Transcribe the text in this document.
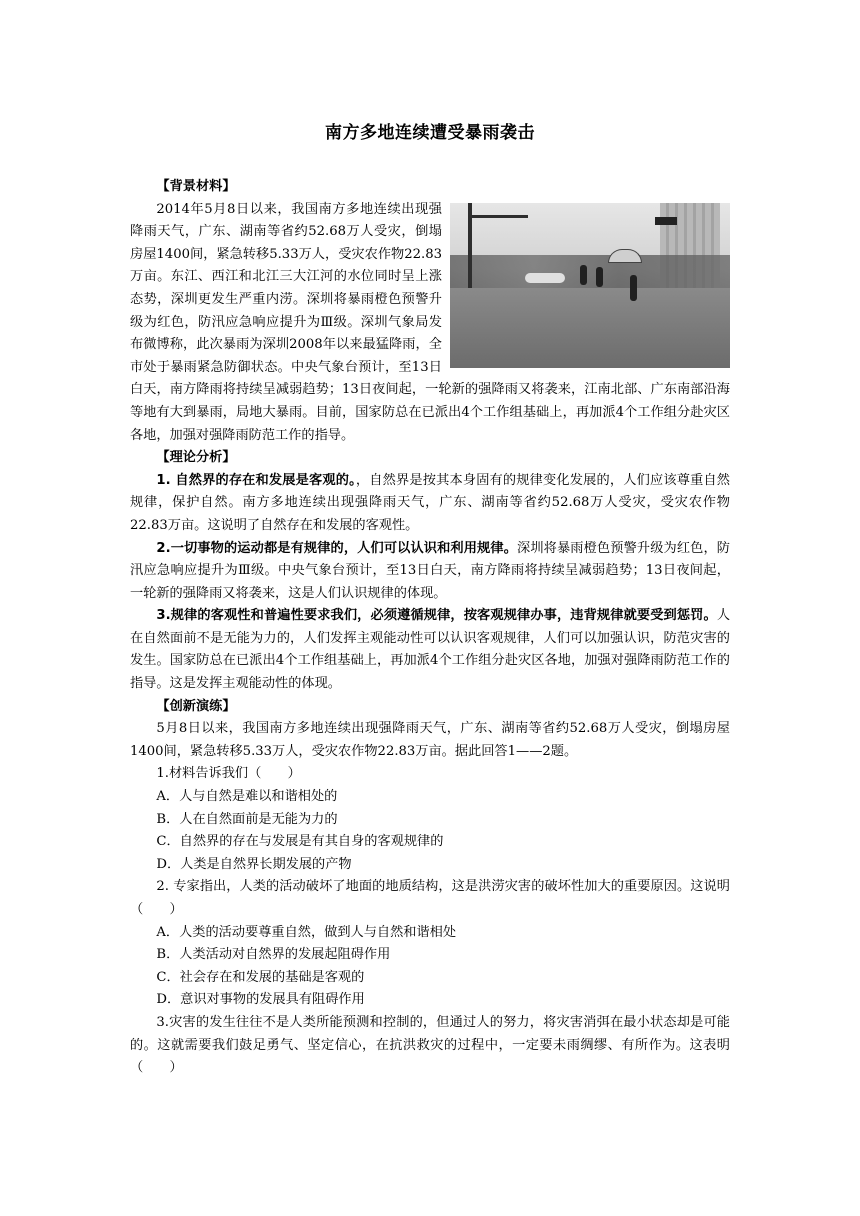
南方多地连续遭受暴雨袭击

【背景材料】

2014年5月8日以来，我国南方多地连续出现强降雨天气，广东、湖南等省约52.68万人受灾，倒塌房屋1400间，紧急转移5.33万人，受灾农作物22.83万亩。东江、西江和北江三大江河的水位同时呈上涨态势，深圳更发生严重内涝。深圳将暴雨橙色预警升级为红色，防汛应急响应提升为Ⅲ级。深圳气象局发布微博称，此次暴雨为深圳2008年以来最猛降雨，全市处于暴雨紧急防御状态。中央气象台预计，至13日白天，南方降雨将持续呈减弱趋势；13日夜间起，一轮新的强降雨又将袭来，江南北部、广东南部沿海等地有大到暴雨，局地大暴雨。目前，国家防总在已派出4个工作组基础上，再加派4个工作组分赴灾区各地，加强对强降雨防范工作的指导。

【理论分析】

1. 自然界的存在和发展是客观的。，自然界是按其本身固有的规律变化发展的，人们应该尊重自然规律，保护自然。南方多地连续出现强降雨天气，广东、湖南等省约52.68万人受灾，受灾农作物22.83万亩。这说明了自然存在和发展的客观性。

2.一切事物的运动都是有规律的，人们可以认识和利用规律。深圳将暴雨橙色预警升级为红色，防汛应急响应提升为Ⅲ级。中央气象台预计，至13日白天，南方降雨将持续呈减弱趋势；13日夜间起，一轮新的强降雨又将袭来，这是人们认识规律的体现。

3.规律的客观性和普遍性要求我们，必须遵循规律，按客观规律办事，违背规律就要受到惩罚。人在自然面前不是无能为力的，人们发挥主观能动性可以认识客观规律，人们可以加强认识，防范灾害的发生。国家防总在已派出4个工作组基础上，再加派4个工作组分赴灾区各地，加强对强降雨防范工作的指导。这是发挥主观能动性的体现。

【创新演练】

5月8日以来，我国南方多地连续出现强降雨天气，广东、湖南等省约52.68万人受灾，倒塌房屋1400间，紧急转移5.33万人，受灾农作物22.83万亩。据此回答1——2题。

1.材料告诉我们（　　）

A．人与自然是难以和谐相处的

B．人在自然面前是无能为力的

C．自然界的存在与发展是有其自身的客观规律的

D．人类是自然界长期发展的产物

2. 专家指出，人类的活动破坏了地面的地质结构，这是洪涝灾害的破坏性加大的重要原因。这说明（　　）

A．人类的活动要尊重自然，做到人与自然和谐相处

B．人类活动对自然界的发展起阻碍作用

C．社会存在和发展的基础是客观的

D．意识对事物的发展具有阻碍作用

3.灾害的发生往往不是人类所能预测和控制的，但通过人的努力，将灾害消弭在最小状态却是可能的。这就需要我们鼓足勇气、坚定信心，在抗洪救灾的过程中，一定要未雨绸缪、有所作为。这表明（　　）
